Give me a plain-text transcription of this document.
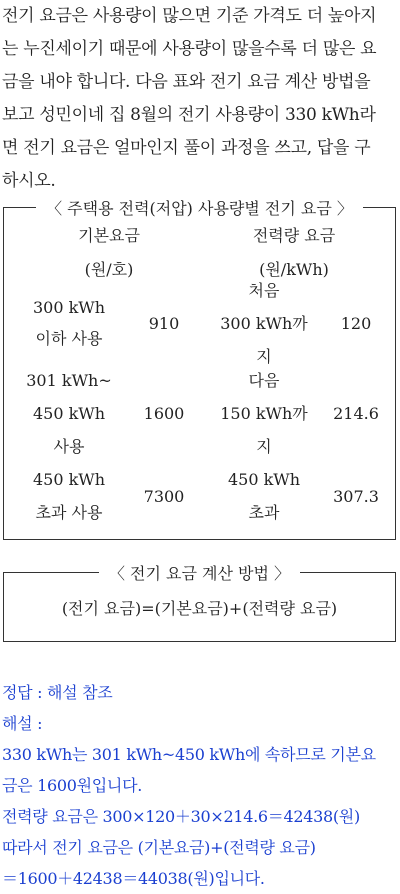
전기 요금은 사용량이 많으면 기준 가격도 더 높아지
는 누진세이기 때문에 사용량이 많을수록 더 많은 요
금을 내야 합니다. 다음 표와 전기 요금 계산 방법을
보고 성민이네 집 8월의 전기 사용량이 330 kWh라
면 전기 요금은 얼마인지 풀이 과정을 쓰고, 답을 구
하시오.
〈 주택용 전력(저압) 사용량별 전기 요금 〉
기본요금
(원/호)
전력량 요금
(원/kWh)
300 kWh
이하 사용
910
처음
300 kWh까
지
120
301 kWh~
450 kWh
사용
1600
다음
150 kWh까
지
214.6
450 kWh
초과 사용
7300
450 kWh
초과
307.3
〈 전기 요금 계산 방법 〉
(전기 요금)=(기본요금)+(전력량 요금)
정답 : 해설 참조
해설 :
330 kWh는 301 kWh~450 kWh에 속하므로 기본요
금은 1600원입니다.
전력량 요금은 300×120＋30×214.6＝42438(원)
따라서 전기 요금은 (기본요금)+(전력량 요금)
＝1600＋42438＝44038(원)입니다.
